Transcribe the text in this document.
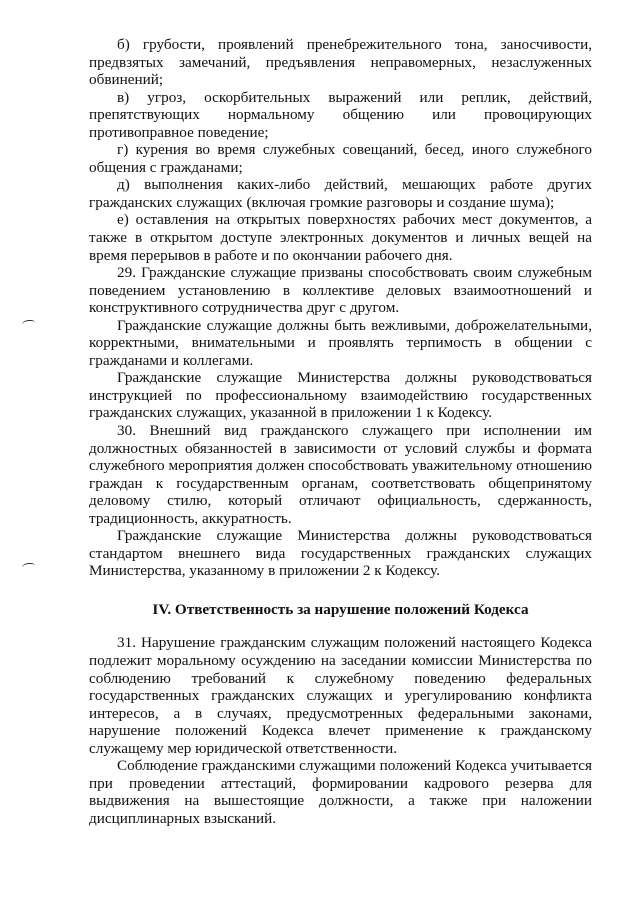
б) грубости, проявлений пренебрежительного тона, заносчивости, предвзятых замечаний, предъявления неправомерных, незаслуженных обвинений;

в) угроз, оскорбительных выражений или реплик, действий, препятствующих нормальному общению или провоцирующих противоправное поведение;

г) курения во время служебных совещаний, бесед, иного служебного общения с гражданами;

д) выполнения каких-либо действий, мешающих работе других гражданских служащих (включая громкие разговоры и создание шума);

е) оставления на открытых поверхностях рабочих мест документов, а также в открытом доступе электронных документов и личных вещей на время перерывов в работе и по окончании рабочего дня.

29. Гражданские служащие призваны способствовать своим служебным поведением установлению в коллективе деловых взаимоотношений и конструктивного сотрудничества друг с другом.

Гражданские служащие должны быть вежливыми, доброжелательными, корректными, внимательными и проявлять терпимость в общении с гражданами и коллегами.

Гражданские служащие Министерства должны руководствоваться инструкцией по профессиональному взаимодействию государственных гражданских служащих, указанной в приложении 1 к Кодексу.

30. Внешний вид гражданского служащего при исполнении им должностных обязанностей в зависимости от условий службы и формата служебного мероприятия должен способствовать уважительному отношению граждан к государственным органам, соответствовать общепринятому деловому стилю, который отличают официальность, сдержанность, традиционность, аккуратность.

Гражданские служащие Министерства должны руководствоваться стандартом внешнего вида государственных гражданских служащих Министерства, указанному в приложении 2 к Кодексу.

IV. Ответственность за нарушение положений Кодекса

31. Нарушение гражданским служащим положений настоящего Кодекса подлежит моральному осуждению на заседании комиссии Министерства по соблюдению требований к служебному поведению федеральных государственных гражданских служащих и урегулированию конфликта интересов, а в случаях, предусмотренных федеральными законами, нарушение положений Кодекса влечет применение к гражданскому служащему мер юридической ответственности.

Соблюдение гражданскими служащими положений Кодекса учитывается при проведении аттестаций, формировании кадрового резерва для выдвижения на вышестоящие должности, а также при наложении дисциплинарных взысканий.
